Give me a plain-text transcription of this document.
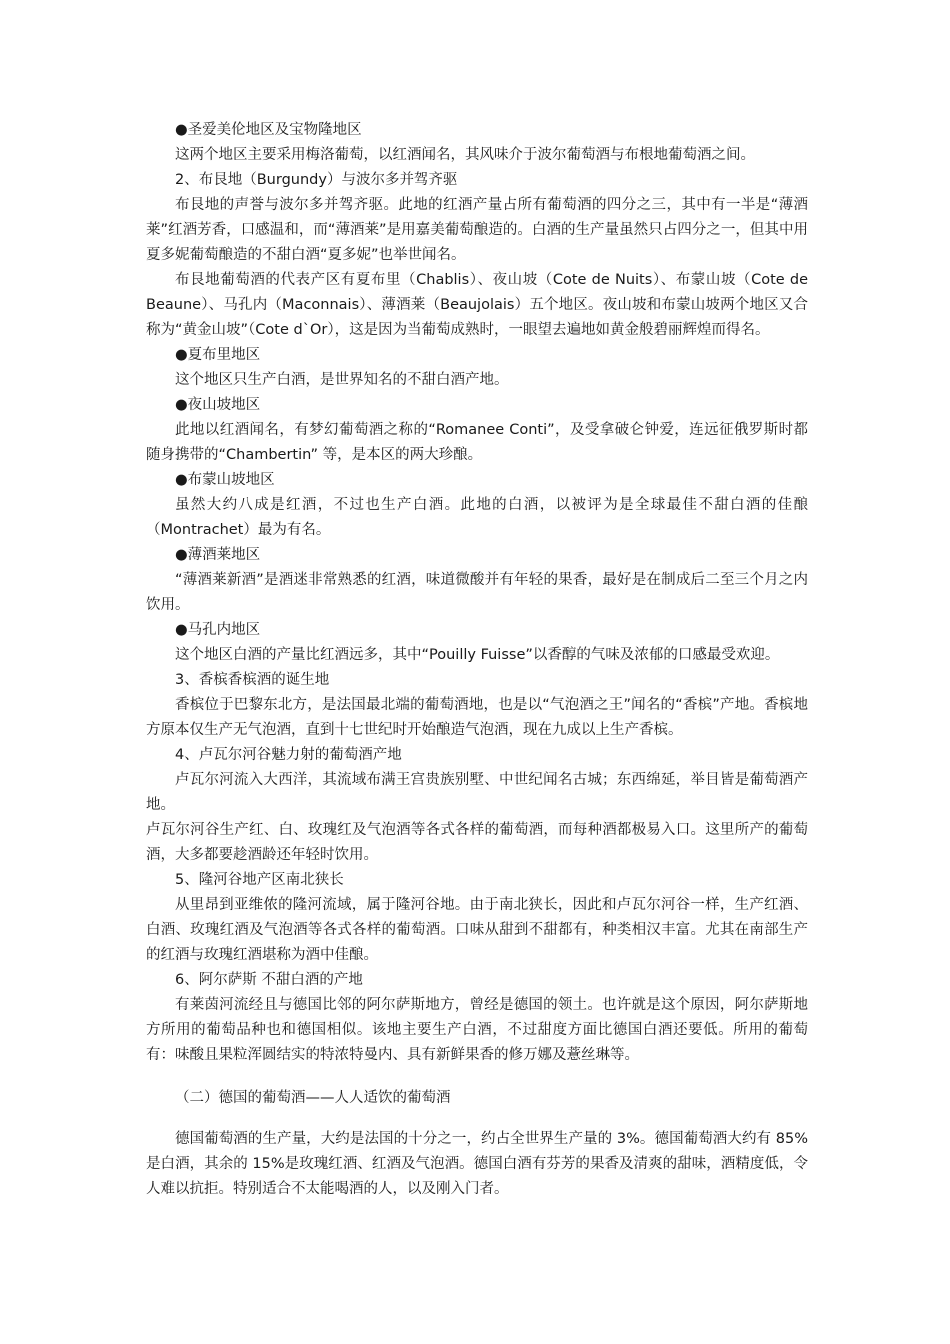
●圣爱美伦地区及宝物隆地区

这两个地区主要采用梅洛葡萄，以红酒闻名，其风味介于波尔葡萄酒与布根地葡萄酒之间。

2、布艮地（Burgundy）与波尔多并驾齐驱

布艮地的声誉与波尔多并驾齐驱。此地的红酒产量占所有葡萄酒的四分之三，其中有一半是“薄酒莱”红酒芳香，口感温和，而“薄酒莱”是用嘉美葡萄酿造的。白酒的生产量虽然只占四分之一，但其中用夏多妮葡萄酿造的不甜白酒“夏多妮”也举世闻名。

布艮地葡萄酒的代表产区有夏布里（Chablis）、夜山坡（Cote de Nuits）、布蒙山坡（Cote de Beaune）、马孔内（Maconnais）、薄酒莱（Beaujolais）五个地区。夜山坡和布蒙山坡两个地区又合称为“黄金山坡”（Cote d`Or），这是因为当葡萄成熟时，一眼望去遍地如黄金般碧丽辉煌而得名。

●夏布里地区

这个地区只生产白酒，是世界知名的不甜白酒产地。

●夜山坡地区

此地以红酒闻名，有梦幻葡萄酒之称的“Romanee Conti”，及受拿破仑钟爱，连远征俄罗斯时都随身携带的“Chambertin” 等，是本区的两大珍酿。

●布蒙山坡地区

虽然大约八成是红酒，不过也生产白酒。此地的白酒，以被评为是全球最佳不甜白酒的佳酿（Montrachet）最为有名。

●薄酒莱地区

“薄酒莱新酒”是酒迷非常熟悉的红酒，味道微酸并有年轻的果香，最好是在制成后二至三个月之内饮用。

●马孔内地区

这个地区白酒的产量比红酒远多，其中“Pouilly Fuisse”以香醇的气味及浓郁的口感最受欢迎。

3、香槟香槟酒的诞生地

香槟位于巴黎东北方，是法国最北端的葡萄酒地，也是以“气泡酒之王”闻名的“香槟”产地。香槟地方原本仅生产无气泡酒，直到十七世纪时开始酿造气泡酒，现在九成以上生产香槟。

4、卢瓦尔河谷魅力射的葡萄酒产地

卢瓦尔河流入大西洋，其流域布满王宫贵族别墅、中世纪闻名古城；东西绵延，举目皆是葡萄酒产地。

卢瓦尔河谷生产红、白、玫瑰红及气泡酒等各式各样的葡萄酒，而每种酒都极易入口。这里所产的葡萄酒，大多都要趁酒龄还年轻时饮用。

5、隆河谷地产区南北狭长

从里昂到亚维侬的隆河流域，属于隆河谷地。由于南北狭长，因此和卢瓦尔河谷一样，生产红酒、白酒、玫瑰红酒及气泡酒等各式各样的葡萄酒。口味从甜到不甜都有，种类相汉丰富。尤其在南部生产的红酒与玫瑰红酒堪称为酒中佳酿。

6、阿尔萨斯 不甜白酒的产地

有莱茵河流经且与德国比邻的阿尔萨斯地方，曾经是德国的领土。也许就是这个原因，阿尔萨斯地方所用的葡萄品种也和德国相似。该地主要生产白酒，不过甜度方面比德国白酒还要低。所用的葡萄有：味酸且果粒浑圆结实的特浓特曼内、具有新鲜果香的修万娜及薏丝琳等。

（二）德国的葡萄酒——人人适饮的葡萄酒

德国葡萄酒的生产量，大约是法国的十分之一，约占全世界生产量的 3%。德国葡萄酒大约有 85% 是白酒，其余的 15%是玫瑰红酒、红酒及气泡酒。德国白酒有芬芳的果香及清爽的甜味，酒精度低，令人难以抗拒。特别适合不太能喝酒的人，以及刚入门者。
